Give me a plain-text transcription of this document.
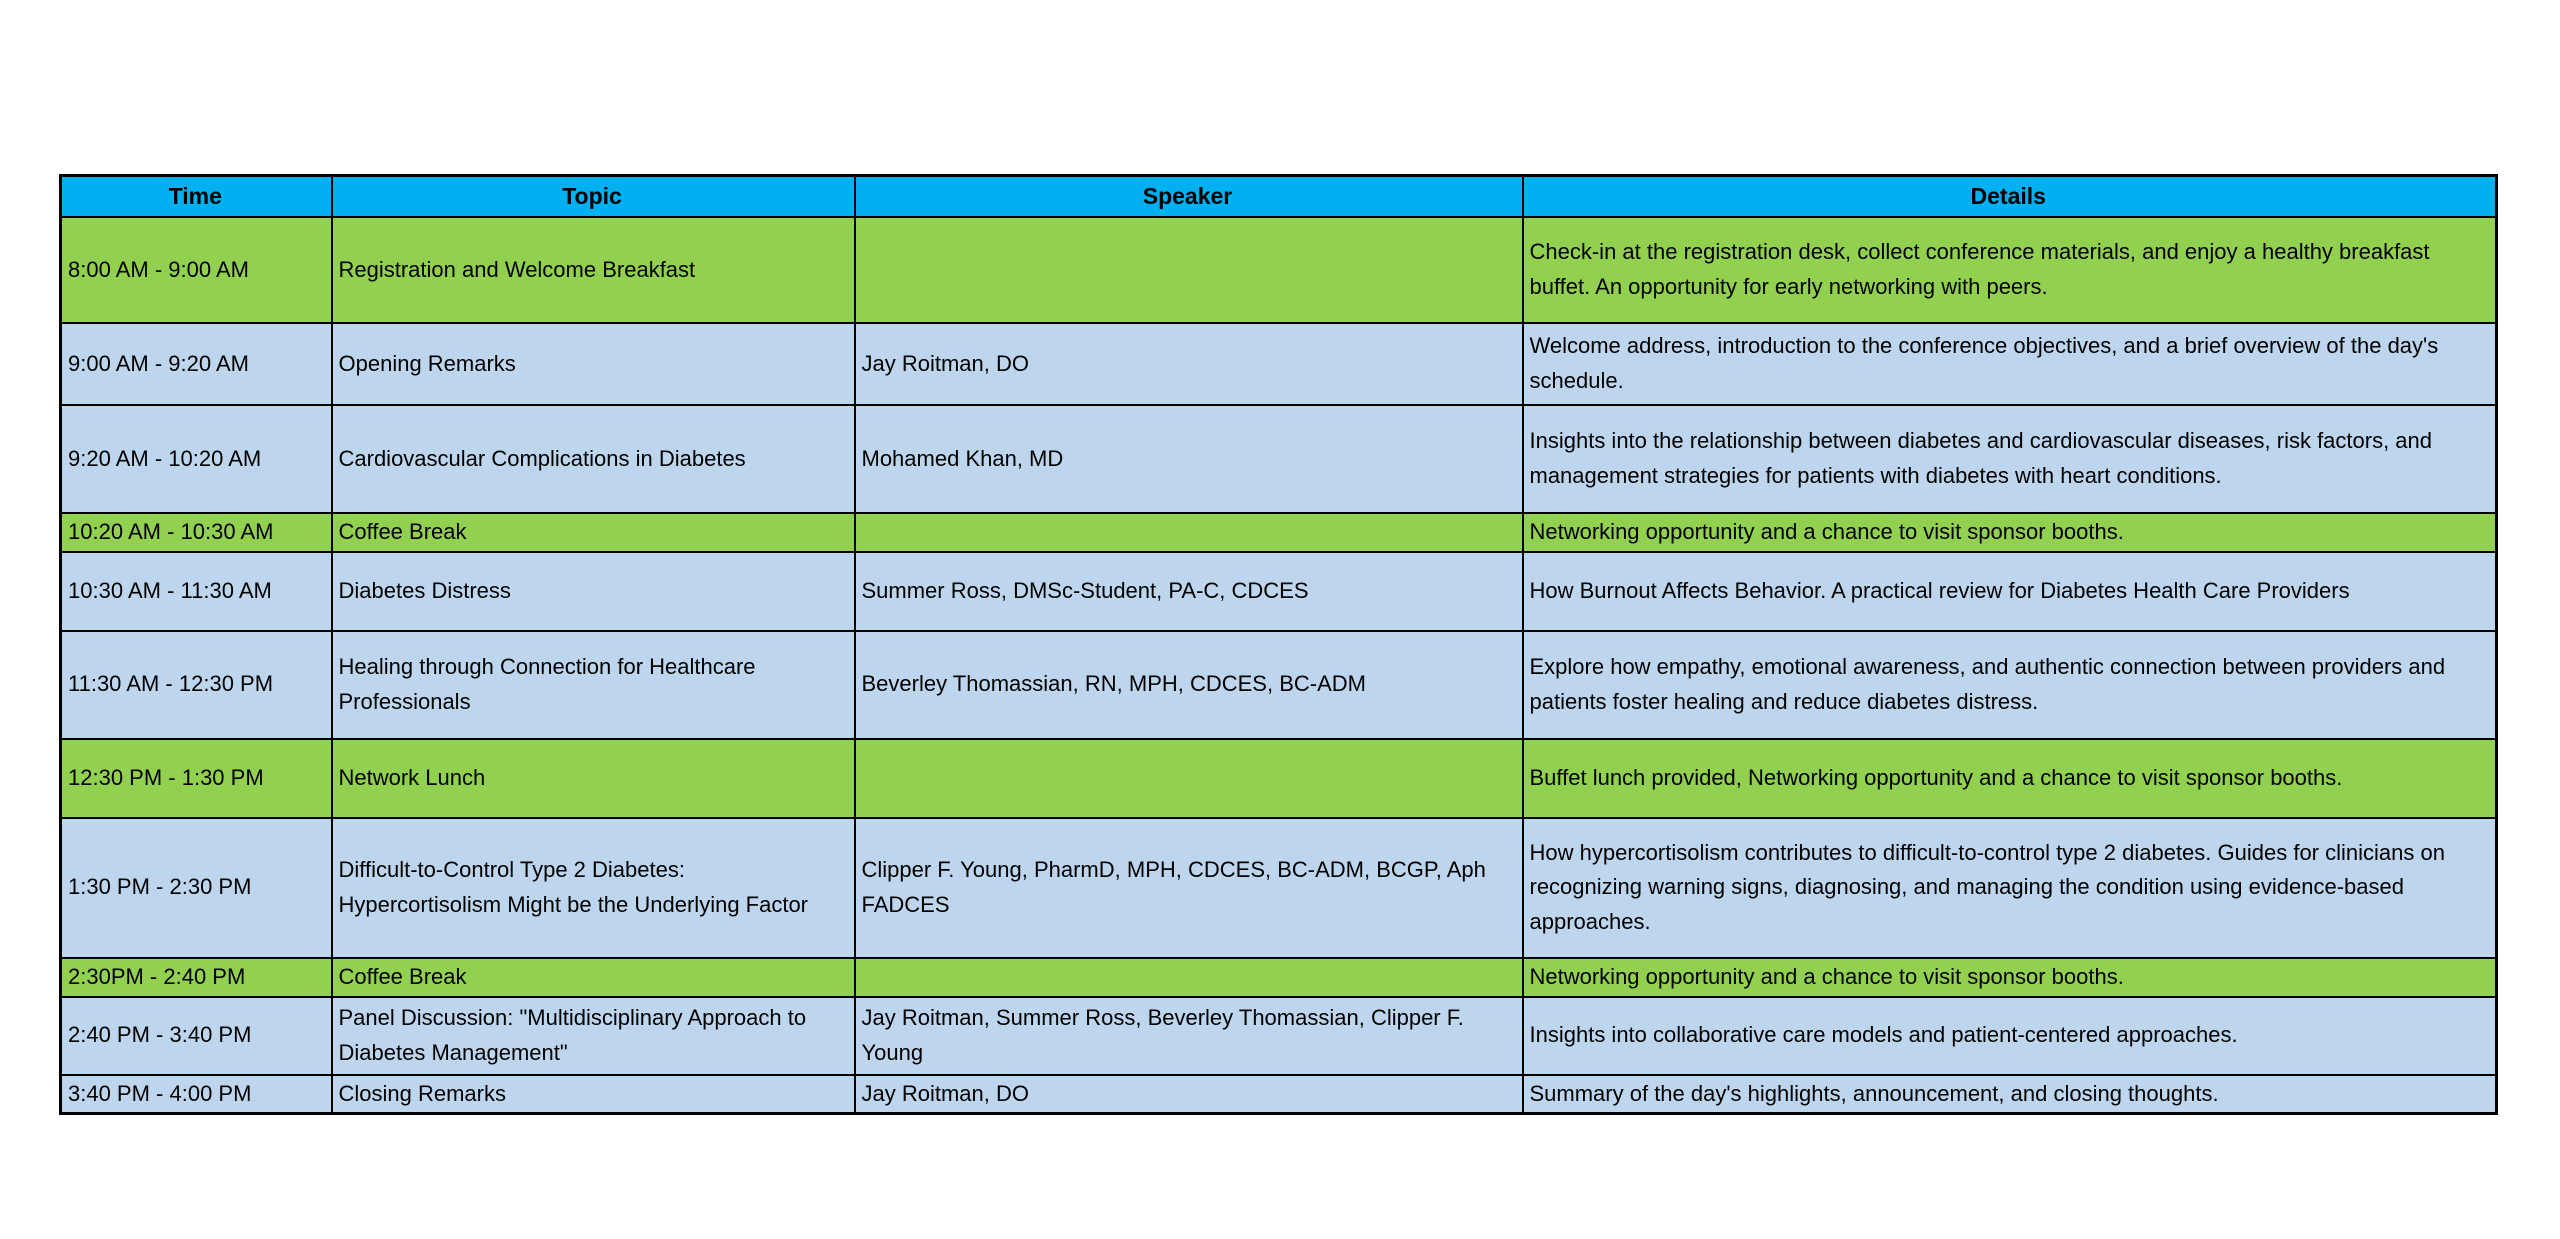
Time	Topic	Speaker	Details
8:00 AM - 9:00 AM	Registration and Welcome Breakfast		Check-in at the registration desk, collect conference materials, and enjoy a healthy breakfast buffet. An opportunity for early networking with peers.
9:00 AM - 9:20 AM	Opening Remarks	Jay Roitman, DO	Welcome address, introduction to the conference objectives, and a brief overview of the day's schedule.
9:20 AM - 10:20 AM	Cardiovascular Complications in Diabetes	Mohamed Khan, MD	Insights into the relationship between diabetes and cardiovascular diseases, risk factors, and management strategies for patients with diabetes with heart conditions.
10:20 AM - 10:30 AM	Coffee Break		Networking opportunity and a chance to visit sponsor booths.
10:30 AM - 11:30 AM	Diabetes Distress	Summer Ross, DMSc-Student, PA-C, CDCES	How Burnout Affects Behavior. A practical review for Diabetes Health Care Providers
11:30 AM - 12:30 PM	Healing through Connection for Healthcare Professionals	Beverley Thomassian, RN, MPH, CDCES, BC-ADM	Explore how empathy, emotional awareness, and authentic connection between providers and patients foster healing and reduce diabetes distress.
12:30 PM - 1:30 PM	Network Lunch		Buffet lunch provided, Networking opportunity and a chance to visit sponsor booths.
1:30 PM - 2:30 PM	Difficult-to-Control Type 2 Diabetes: Hypercortisolism Might be the Underlying Factor	Clipper F. Young, PharmD, MPH, CDCES, BC-ADM, BCGP, Aph FADCES	How hypercortisolism contributes to difficult-to-control type 2 diabetes. Guides for clinicians on recognizing warning signs, diagnosing, and managing the condition using evidence-based approaches.
2:30PM - 2:40 PM	Coffee Break		Networking opportunity and a chance to visit sponsor booths.
2:40 PM - 3:40 PM	Panel Discussion: "Multidisciplinary Approach to Diabetes Management"	Jay Roitman, Summer Ross, Beverley Thomassian, Clipper F. Young	Insights into collaborative care models and patient-centered approaches.
3:40 PM - 4:00 PM	Closing Remarks	Jay Roitman, DO	Summary of the day's highlights, announcement, and closing thoughts.
